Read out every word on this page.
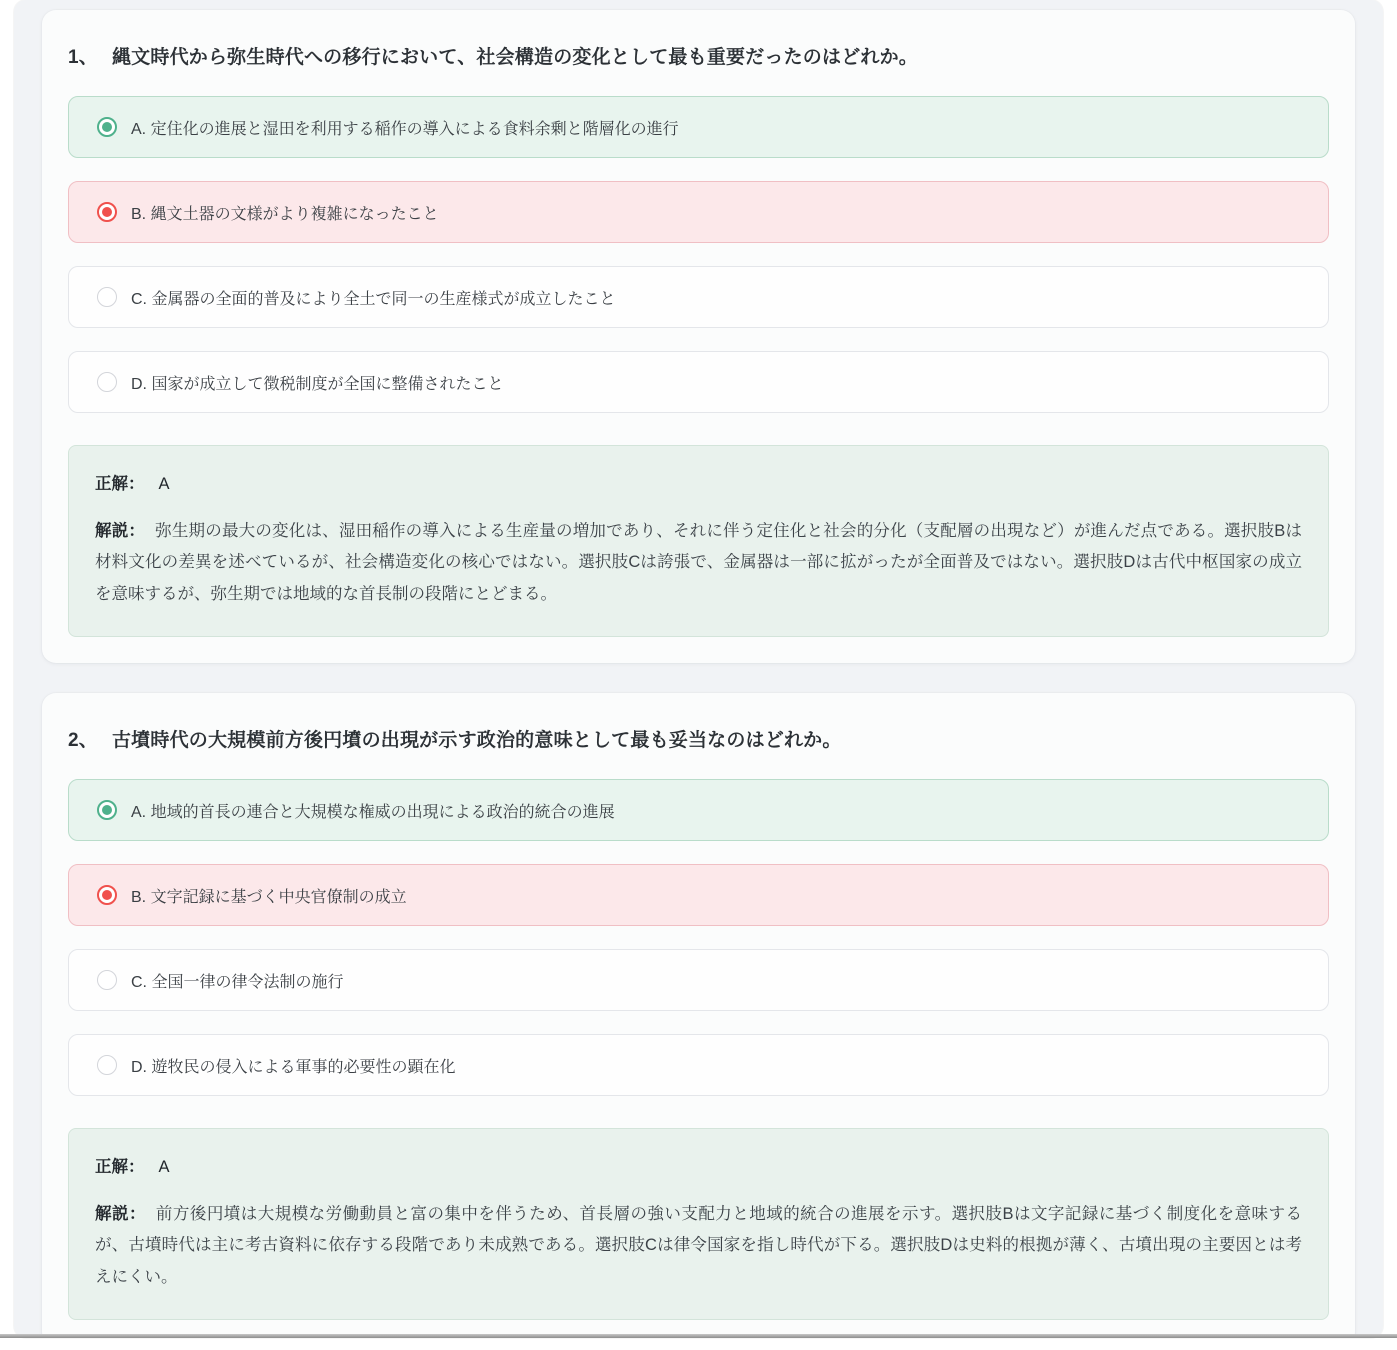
1、 縄文時代から弥生時代への移行において、社会構造の変化として最も重要だったのはどれか。
A. 定住化の進展と湿田を利用する稲作の導入による食料余剰と階層化の進行
B. 縄文土器の文様がより複雑になったこと
C. 金属器の全面的普及により全土で同一の生産様式が成立したこと
D. 国家が成立して徴税制度が全国に整備されたこと

正解： A

解説： 弥生期の最大の変化は、湿田稲作の導入による生産量の増加であり、それに伴う定住化と社会的分化（支配層の出現など）が進んだ点である。選択肢Bは材料文化の差異を述べているが、社会構造変化の核心ではない。選択肢Cは誇張で、金属器は一部に拡がったが全面普及ではない。選択肢Dは古代中枢国家の成立を意味するが、弥生期では地域的な首長制の段階にとどまる。

2、 古墳時代の大規模前方後円墳の出現が示す政治的意味として最も妥当なのはどれか。
A. 地域的首長の連合と大規模な権威の出現による政治的統合の進展
B. 文字記録に基づく中央官僚制の成立
C. 全国一律の律令法制の施行
D. 遊牧民の侵入による軍事的必要性の顕在化

正解： A

解説： 前方後円墳は大規模な労働動員と富の集中を伴うため、首長層の強い支配力と地域的統合の進展を示す。選択肢Bは文字記録に基づく制度化を意味するが、古墳時代は主に考古資料に依存する段階であり未成熟である。選択肢Cは律令国家を指し時代が下る。選択肢Dは史料的根拠が薄く、古墳出現の主要因とは考えにくい。
